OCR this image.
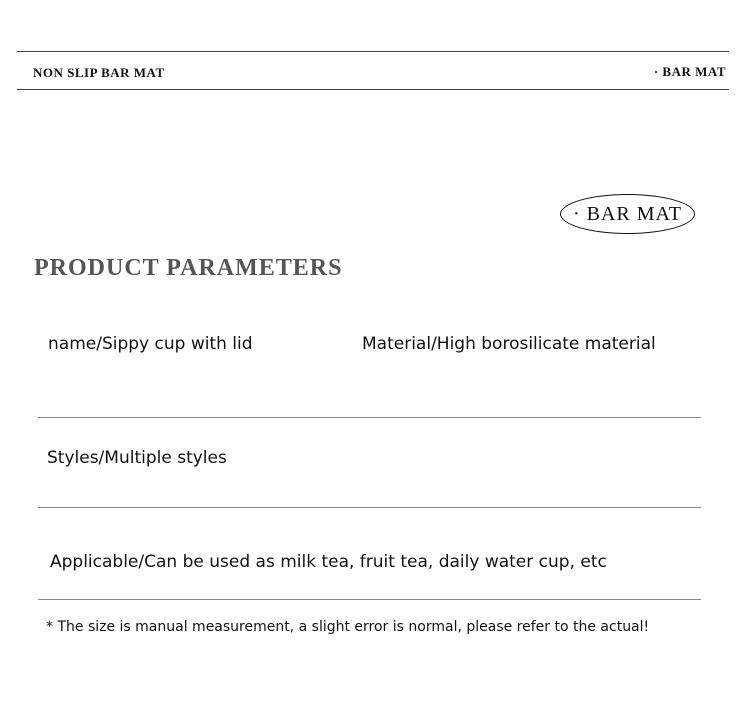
NON SLIP BAR MAT	· BAR MAT
· BAR MAT
PRODUCT PARAMETERS
name/Sippy cup with lid	Material/High borosilicate material
Styles/Multiple styles
Applicable/Can be used as milk tea, fruit tea, daily water cup, etc
* The size is manual measurement, a slight error is normal, please refer to the actual!
